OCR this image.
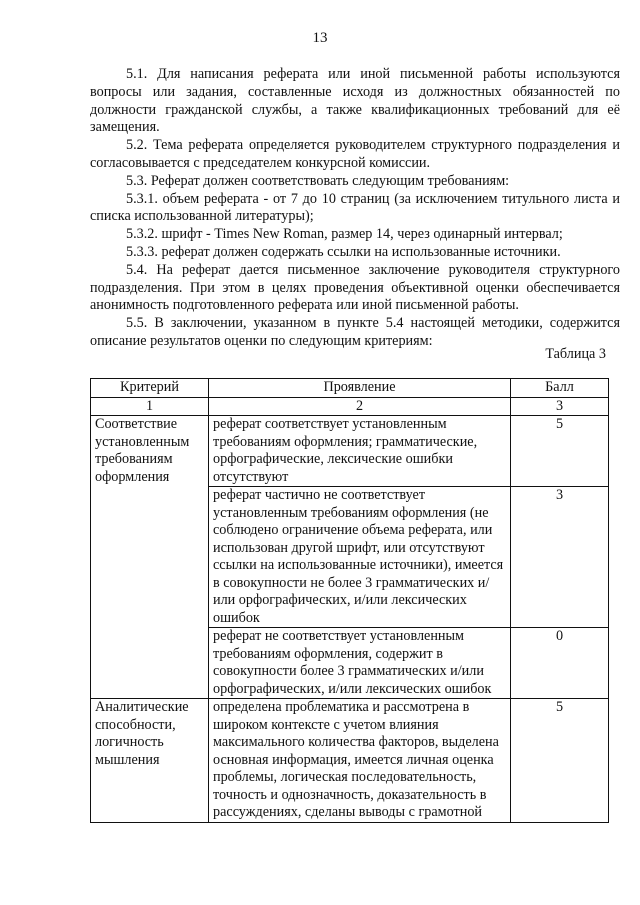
13

5.1. Для написания реферата или иной письменной работы используются вопросы или задания, составленные исходя из должностных обязанностей по должности гражданской службы, а также квалификационных требований для её замещения.

5.2. Тема реферата определяется руководителем структурного подразделения и согласовывается с председателем конкурсной комиссии.

5.3. Реферат должен соответствовать следующим требованиям:

5.3.1. объем реферата - от 7 до 10 страниц (за исключением титульного листа и списка использованной литературы);

5.3.2. шрифт - Times New Roman, размер 14, через одинарный интервал;

5.3.3. реферат должен содержать ссылки на использованные источники.

5.4. На реферат дается письменное заключение руководителя структурного подразделения. При этом в целях проведения объективной оценки обеспечивается анонимность подготовленного реферата или иной письменной работы.

5.5. В заключении, указанном в пункте 5.4 настоящей методики, содержится описание результатов оценки по следующим критериям:

Таблица 3
Критерий	Проявление	Балл
1	2	3
Соответствие установленным требованиям оформления	реферат соответствует установленным требованиям оформления; грамматические, орфографические, лексические ошибки отсутствуют	5
	реферат частично не соответствует установленным требованиям оформления (не соблюдено ограничение объема реферата, или использован другой шрифт, или отсутствуют ссылки на использованные источники), имеется в совокупности не более 3 грамматических и/или орфографических, и/или лексических ошибок	3
	реферат не соответствует установленным требованиям оформления, содержит в совокупности более 3 грамматических и/или орфографических, и/или лексических ошибок	0
Аналитические способности, логичность мышления	определена проблематика и рассмотрена в широком контексте с учетом влияния максимального количества факторов, выделена основная информация, имеется личная оценка проблемы, логическая последовательность, точность и однозначность, доказательность в рассуждениях, сделаны выводы с грамотной	5
